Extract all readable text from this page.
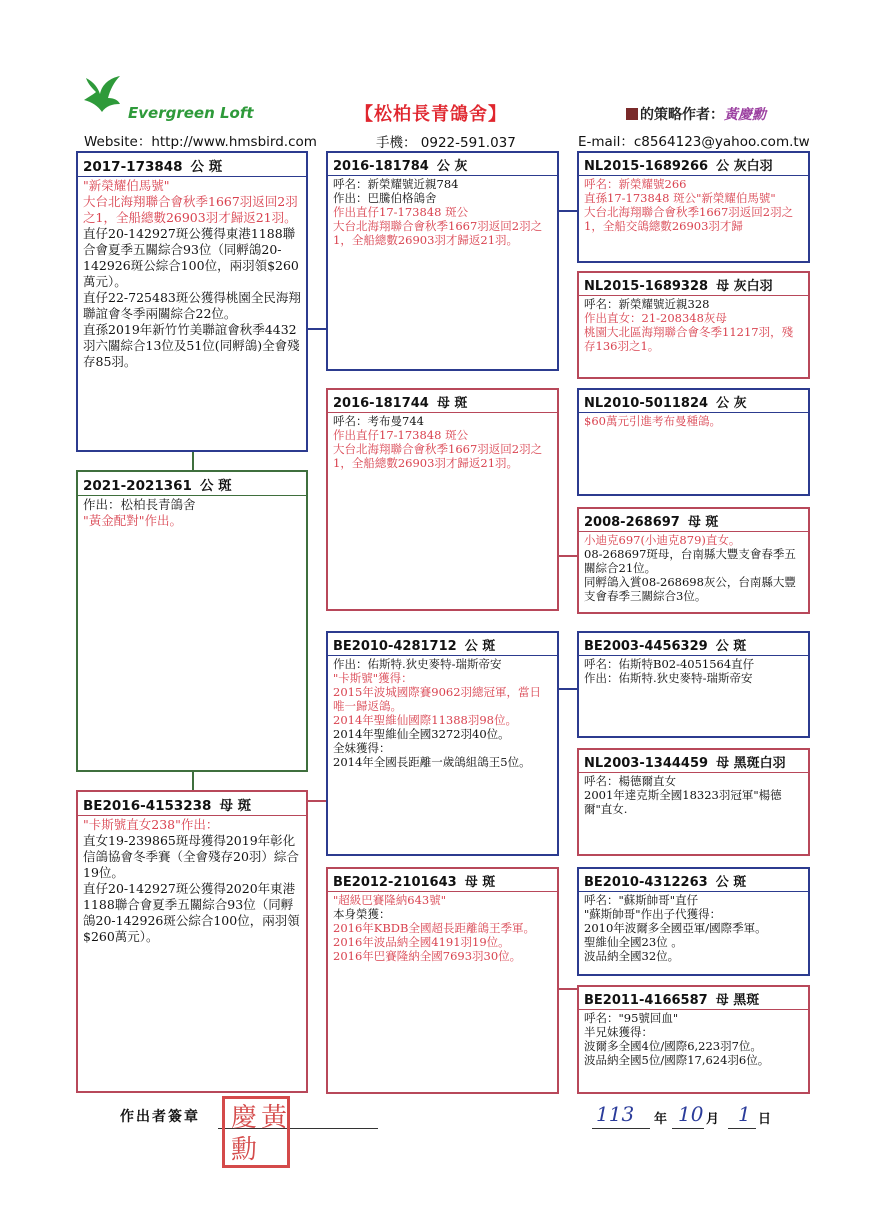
Evergreen Loft	【松柏長青鴿舍】	的策略作者：黃慶勳
Website：http://www.hmsbird.com	手機： 0922-591.037	E-mail：c8564123@yahoo.com.tw
2017-173848 公 斑
"新榮耀伯馬號"
大台北海翔聯合會秋季1667羽返回2羽之1，全船總數26903羽才歸返21羽。
直仔20-142927斑公獲得東港1188聯合會夏季五關綜合93位（同孵鴿20-142926斑公綜合100位，兩羽領$260萬元）。
直仔22-725483斑公獲得桃園全民海翔聯誼會冬季兩關綜合22位。
直孫2019年新竹竹美聯誼會秋季4432羽六關綜合13位及51位(同孵鴿)全會殘存85羽。
2021-2021361 公 斑
作出：松柏長青鴿舍
"黃金配對"作出。
BE2016-4153238 母 斑
"卡斯號直女238"作出：
直女19-239865斑母獲得2019年彰化信鴿協會冬季賽（全會殘存20羽）綜合19位。
直仔20-142927斑公獲得2020年東港1188聯合會夏季五關綜合93位（同孵鴿20-142926斑公綜合100位，兩羽領$260萬元）。
2016-181784 公 灰
呼名：新榮耀號近親784
作出：巴騰伯格鴿舍
作出直仔17-173848 斑公
大台北海翔聯合會秋季1667羽返回2羽之1，全船總數26903羽才歸返21羽。
2016-181744 母 斑
呼名：考布曼744
作出直仔17-173848 斑公
大台北海翔聯合會秋季1667羽返回2羽之1，全船總數26903羽才歸返21羽。
BE2010-4281712 公 斑
作出：佑斯特.狄史麥特-瑞斯帝安
"卡斯號"獲得：
2015年波城國際賽9062羽總冠軍，當日唯一歸返鴿。
2014年聖維仙國際11388羽98位。
2014年聖維仙全國3272羽40位。
全妹獲得：
2014年全國長距離一歲鴿組鴿王5位。
BE2012-2101643 母 斑
"超級巴賽隆納643號"
本身榮獲：
2016年KBDB全國超長距離鴿王季軍。
2016年波品納全國4191羽19位。
2016年巴賽隆納全國7693羽30位。
NL2015-1689266 公 灰白羽
呼名：新榮耀號266
直孫17-173848 斑公"新榮耀伯馬號"
大台北海翔聯合會秋季1667羽返回2羽之1，全船交鴿總數26903羽才歸
NL2015-1689328 母 灰白羽
呼名：新榮耀號近親328
作出直女：21-208348灰母
桃園大北區海翔聯合會冬季11217羽，殘存136羽之1。
NL2010-5011824 公 灰
$60萬元引進考布曼種鴿。
2008-268697 母 斑
小迪克697(小迪克879)直女。
08-268697斑母，台南縣大豐支會春季五關綜合21位。
同孵鴿入賞08-268698灰公，台南縣大豐支會春季三關綜合3位。
BE2003-4456329 公 斑
呼名：佑斯特B02-4051564直仔
作出：佑斯特.狄史麥特-瑞斯帝安
NL2003-1344459 母 黑斑白羽
呼名：楊德爾直女
2001年達克斯全國18323羽冠軍"楊德爾"直女.
BE2010-4312263 公 斑
呼名："蘇斯帥哥"直仔
"蘇斯帥哥"作出子代獲得：
2010年波爾多全國亞軍/國際季軍。
聖維仙全國23位 。
波品納全國32位。
BE2011-4166587 母 黑斑
呼名："95號回血"
半兄妹獲得：
波爾多全國4位/國際6,223羽7位。
波品納全國5位/國際17,624羽6位。
作出者簽章 黃
慶
勳
113 年 10 月 1 日
